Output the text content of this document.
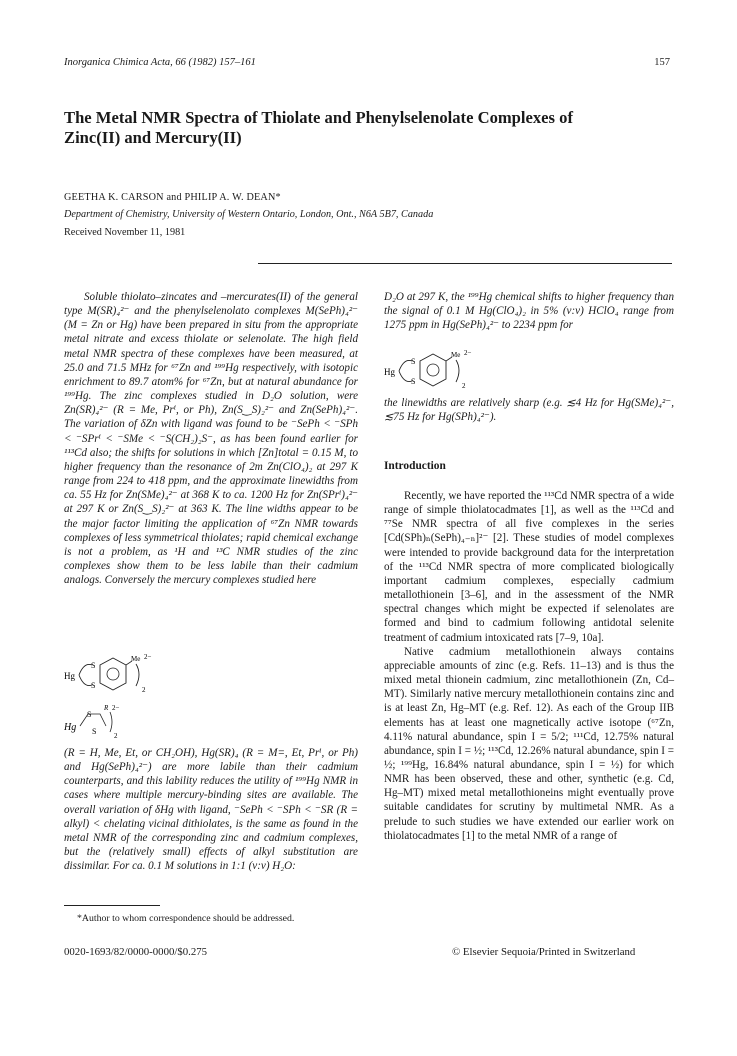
Inorganica Chimica Acta, 66 (1982) 157–161	157
The Metal NMR Spectra of Thiolate and Phenylselenolate Complexes of Zinc(II) and Mercury(II)
GEETHA K. CARSON and PHILIP A. W. DEAN*
Department of Chemistry, University of Western Ontario, London, Ont., N6A 5B7, Canada
Received November 11, 1981

Soluble thiolato–zincates and –mercurates(II) of the general type M(SR)₄²⁻ and the phenylselenolato complexes M(SePh)₄²⁻ (M = Zn or Hg) have been prepared in situ from the appropriate metal nitrate and excess thiolate or selenolate. The high field metal NMR spectra of these complexes have been measured, at 25.0 and 71.5 MHz for ⁶⁷Zn and ¹⁹⁹Hg respectively, with isotopic enrichment to 89.7 atom% for ⁶⁷Zn, but at natural abundance for ¹⁹⁹Hg. The zinc complexes studied in D₂O solution, were Zn(SR)₄²⁻ (R = Me, Prⁱ, or Ph), Zn(S‿S)₂²⁻ and Zn(SePh)₄²⁻. The variation of δZn with ligand was found to be ⁻SePh < ⁻SPh < ⁻SPrⁱ < ⁻SMe < ⁻S(CH₂)₂S⁻, as has been found earlier for ¹¹³Cd also; the shifts for solutions in which [Zn]total = 0.15 M, to higher frequency than the resonance of 2m Zn(ClO₄)₂ at 297 K range from 224 to 418 ppm, and the approximate linewidths from ca. 55 Hz for Zn(SMe)₄²⁻ at 368 K to ca. 1200 Hz for Zn(SPrⁱ)₄²⁻ at 297 K or Zn(S‿S)₂²⁻ at 363 K. The line widths appear to be the major factor limiting the application of ⁶⁷Zn NMR towards complexes of less symmetrical thiolates; rapid chemical exchange is not a problem, as ¹H and ¹³C NMR studies of the zinc complexes show them to be less labile than their cadmium analogs. Conversely the mercury complexes studied here

Hg
S
S
Me 2−
2
Hg
S
S
R 2−
2

(R = H, Me, Et, or CH₂OH), Hg(SR)₄ (R = M=, Et, Prⁱ, or Ph) and Hg(SePh)₄²⁻) are more labile than their cadmium counterparts, and this lability reduces the utility of ¹⁹⁹Hg NMR in cases where multiple mercury-binding sites are available. The overall variation of δHg with ligand, ⁻SePh < ⁻SPh < ⁻SR (R = alkyl) < chelating vicinal dithiolates, is the same as found in the metal NMR of the corresponding zinc and cadmium complexes, but the (relatively small) effects of alkyl substitution are dissimilar. For ca. 0.1 M solutions in 1:1 (v:v) H₂O:

D₂O at 297 K, the ¹⁹⁹Hg chemical shifts to higher frequency than the signal of 0.1 M Hg(ClO₄)₂ in 5% (v:v) HClO₄ range from 1275 ppm in Hg(SePh)₄²⁻ to 2234 ppm for
Hg
S
S
Me 2−
2
the linewidths are relatively sharp (e.g. ≲4 Hz for Hg(SMe)₄²⁻, ≲75 Hz for Hg(SPh)₄²⁻).
Introduction

Recently, we have reported the ¹¹³Cd NMR spectra of a wide range of simple thiolatocadmates [1], as well as the ¹¹³Cd and ⁷⁷Se NMR spectra of all five complexes in the series [Cd(SPh)ₙ(SePh)₄₋ₙ]²⁻ [2]. These studies of model complexes were intended to provide background data for the interpretation of the ¹¹³Cd NMR spectra of more complicated biologically important cadmium complexes, especially cadmium metallothionein [3–6], and in the assessment of the NMR spectral changes which might be expected if selenolates are formed and bind to cadmium following antidotal selenite treatment of cadmium intoxicated rats [7–9, 10a].

Native cadmium metallothionein always contains appreciable amounts of zinc (e.g. Refs. 11–13) and is thus the mixed metal thionein cadmium, zinc metallothionein (Zn, Cd–MT). Similarly native mercury metallothionein contains zinc and is at least Zn, Hg–MT (e.g. Ref. 12). As each of the Group IIB elements has at least one magnetically active isotope (⁶⁷Zn, 4.11% natural abundance, spin I = 5/2; ¹¹¹Cd, 12.75% natural abundance, spin I = ½; ¹¹³Cd, 12.26% natural abundance, spin I = ½; ¹⁹⁹Hg, 16.84% natural abundance, spin I = ½) for which NMR has been observed, these and other, synthetic (e.g. Cd, Hg–MT) mixed metal metallothioneins might eventually prove suitable candidates for scrutiny by multimetal NMR. As a prelude to such studies we have extended our earlier work on thiolatocadmates [1] to the metal NMR of a range of

*Author to whom correspondence should be addressed.
0020-1693/82/0000-0000/$0.275	© Elsevier Sequoia/Printed in Switzerland
